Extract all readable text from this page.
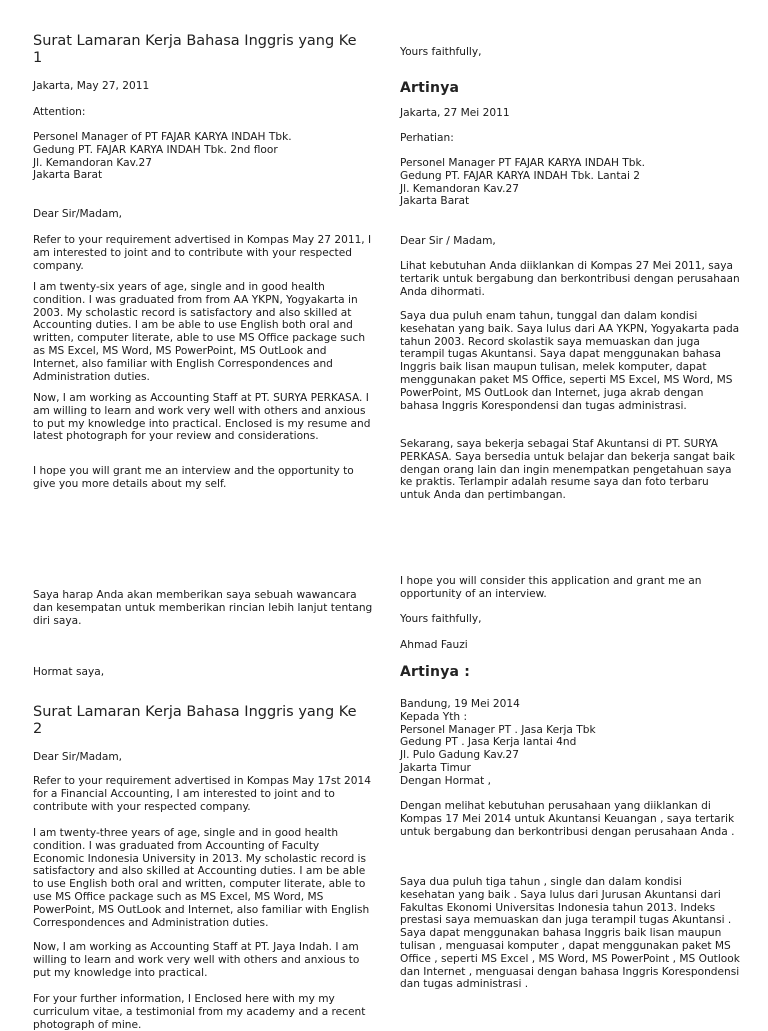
Surat Lamaran Kerja Bahasa Inggris yang Ke 1

Jakarta, May 27, 2011

Attention:

Personel Manager of PT FAJAR KARYA INDAH Tbk.
Gedung PT. FAJAR KARYA INDAH Tbk. 2nd floor
Jl. Kemandoran Kav.27
Jakarta Barat

Dear Sir/Madam,

Refer to your requirement advertised in Kompas May 27 2011, I am interested to joint and to contribute with your respected company.

I am twenty-six years of age, single and in good health condition. I was graduated from from AA YKPN, Yogyakarta in 2003. My scholastic record is satisfactory and also skilled at Accounting duties. I am be able to use English both oral and written, computer literate, able to use MS Office package such as MS Excel, MS Word, MS PowerPoint, MS OutLook and Internet, also familiar with English Correspondences and Administration duties.

Now, I am working as Accounting Staff at PT. SURYA PERKASA. I am willing to learn and work very well with others and anxious to put my knowledge into practical. Enclosed is my resume and latest photograph for your review and considerations.

I hope you will grant me an interview and the opportunity to give you more details about my self.

Yours faithfully,

Artinya

Jakarta, 27 Mei 2011

Perhatian:

Personel Manager PT FAJAR KARYA INDAH Tbk.
Gedung PT. FAJAR KARYA INDAH Tbk. Lantai 2
Jl. Kemandoran Kav.27
Jakarta Barat

Dear Sir / Madam,

Lihat kebutuhan Anda diiklankan di Kompas 27 Mei 2011, saya tertarik untuk bergabung dan berkontribusi dengan perusahaan Anda dihormati.

Saya dua puluh enam tahun, tunggal dan dalam kondisi kesehatan yang baik. Saya lulus dari AA YKPN, Yogyakarta pada tahun 2003. Record skolastik saya memuaskan dan juga terampil tugas Akuntansi. Saya dapat menggunakan bahasa Inggris baik lisan maupun tulisan, melek komputer, dapat menggunakan paket MS Office, seperti MS Excel, MS Word, MS PowerPoint, MS OutLook dan Internet, juga akrab dengan bahasa Inggris Korespondensi dan tugas administrasi.

Sekarang, saya bekerja sebagai Staf Akuntansi di PT. SURYA PERKASA. Saya bersedia untuk belajar dan bekerja sangat baik dengan orang lain dan ingin menempatkan pengetahuan saya ke praktis. Terlampir adalah resume saya dan foto terbaru untuk Anda dan pertimbangan.

Saya harap Anda akan memberikan saya sebuah wawancara dan kesempatan untuk memberikan rincian lebih lanjut tentang diri saya.

Hormat saya,

Surat Lamaran Kerja Bahasa Inggris yang Ke 2

Dear Sir/Madam,

Refer to your requirement advertised in Kompas May 17st 2014 for a Financial Accounting, I am interested to joint and to contribute with your respected company.

I am twenty-three years of age, single and in good health condition. I was graduated from Accounting of Faculty Economic Indonesia University in 2013. My scholastic record is satisfactory and also skilled at Accounting duties. I am be able to use English both oral and written, computer literate, able to use MS Office package such as MS Excel, MS Word, MS PowerPoint, MS OutLook and Internet, also familiar with English Correspondences and Administration duties.

Now, I am working as Accounting Staff at PT. Jaya Indah. I am willing to learn and work very well with others and anxious to put my knowledge into practical.

For your further information, I Enclosed here with my my curriculum vitae, a testimonial from my academy and a recent photograph of mine.

I hope you will consider this application and grant me an opportunity of an interview.

Yours faithfully,

Ahmad Fauzi

Artinya :

Bandung, 19 Mei 2014
Kepada Yth :
Personel Manager PT . Jasa Kerja Tbk
Gedung PT . Jasa Kerja lantai 4nd
Jl. Pulo Gadung Kav.27
Jakarta Timur
Dengan Hormat ,

Dengan melihat kebutuhan perusahaan yang diiklankan di Kompas 17 Mei 2014 untuk Akuntansi Keuangan , saya tertarik untuk bergabung dan berkontribusi dengan perusahaan Anda .

Saya dua puluh tiga tahun , single dan dalam kondisi kesehatan yang baik . Saya lulus dari Jurusan Akuntansi dari Fakultas Ekonomi Universitas Indonesia tahun 2013. Indeks prestasi saya memuaskan dan juga terampil tugas Akuntansi . Saya dapat menggunakan bahasa Inggris baik lisan maupun tulisan , menguasai komputer , dapat menggunakan paket MS Office , seperti MS Excel , MS Word, MS PowerPoint , MS Outlook dan Internet , menguasai dengan bahasa Inggris Korespondensi dan tugas administrasi .
